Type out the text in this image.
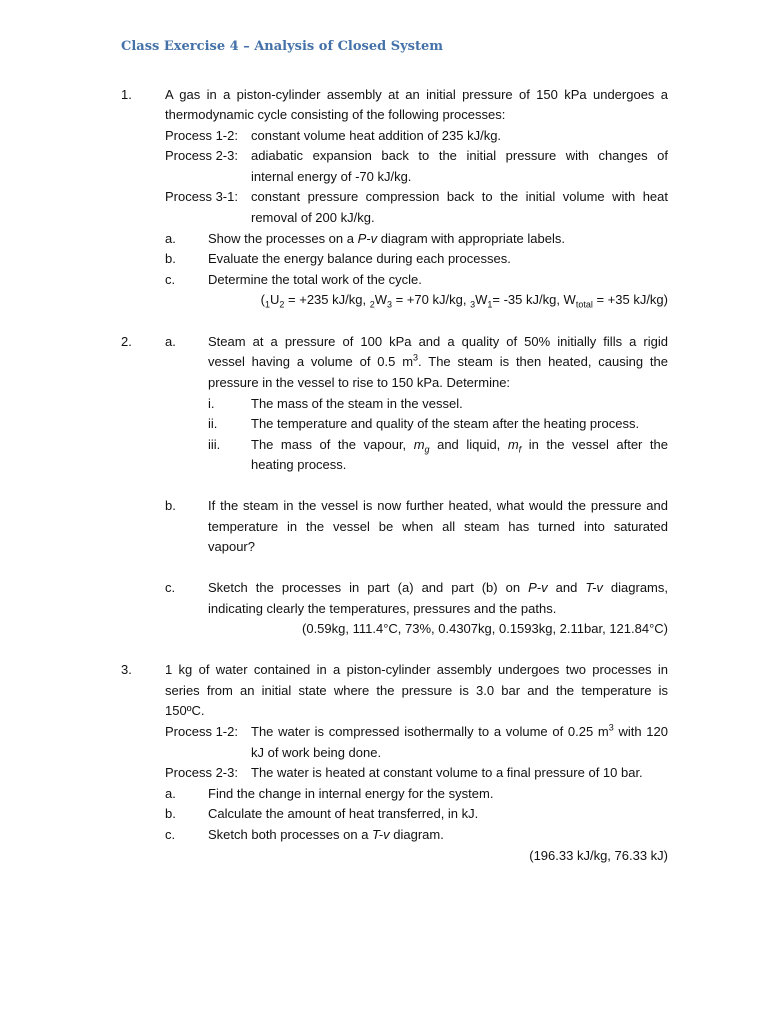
Class Exercise 4 – Analysis of Closed System
1.	A gas in a piston-cylinder assembly at an initial pressure of 150 kPa undergoes a
thermodynamic cycle consisting of the following processes:
Process 1-2: constant volume heat addition of 235 kJ/kg.
Process 2-3: adiabatic expansion back to the initial pressure with changes of
internal energy of -70 kJ/kg.
Process 3-1: constant pressure compression back to the initial volume with heat
removal of 200 kJ/kg.
a. Show the processes on a P-v diagram with appropriate labels.
b. Evaluate the energy balance during each processes.
c.	Determine the total work of the cycle.
($_1U_2 = +235$ kJ/kg, $_2W_3 = +70$ kJ/kg, $_3W_1= -35$ kJ/kg, $W_{total} = +35$ kJ/kg)
2.	a. Steam at a pressure of 100 kPa and a quality of 50% initially fills a rigid
vessel having a volume of 0.5 $m^3$. The steam is then heated, causing the
pressure in the vessel to rise to 150 kPa. Determine:
i.	The mass of the steam in the vessel.
ii.	The temperature and quality of the steam after the heating process.
iii. The mass of the vapour, $m_g$ and liquid, $m_f$ in the vessel after the
heating process.
b. If the steam in the vessel is now further heated, what would the pressure and
temperature in the vessel be when all steam has turned into saturated
vapour?
c.	Sketch the processes in part (a) and part (b) on P-v and T-v diagrams,
indicating clearly the temperatures, pressures and the paths.
(0.59kg, 111.4°C, 73%, 0.4307kg, 0.1593kg, 2.11bar, 121.84°C)
3.	1 kg of water contained in a piston-cylinder assembly undergoes two processes in
series from an initial state where the pressure is 3.0 bar and the temperature is
150ºC.
Process 1-2: The water is compressed isothermally to a volume of 0.25 $m^3$ with 120
kJ of work being done.
Process 2-3: The water is heated at constant volume to a final pressure of 10 bar.
a. Find the change in internal energy for the system.
b. Calculate the amount of heat transferred, in kJ.
c.	Sketch both processes on a T-v diagram.
(196.33 kJ/kg, 76.33 kJ)
